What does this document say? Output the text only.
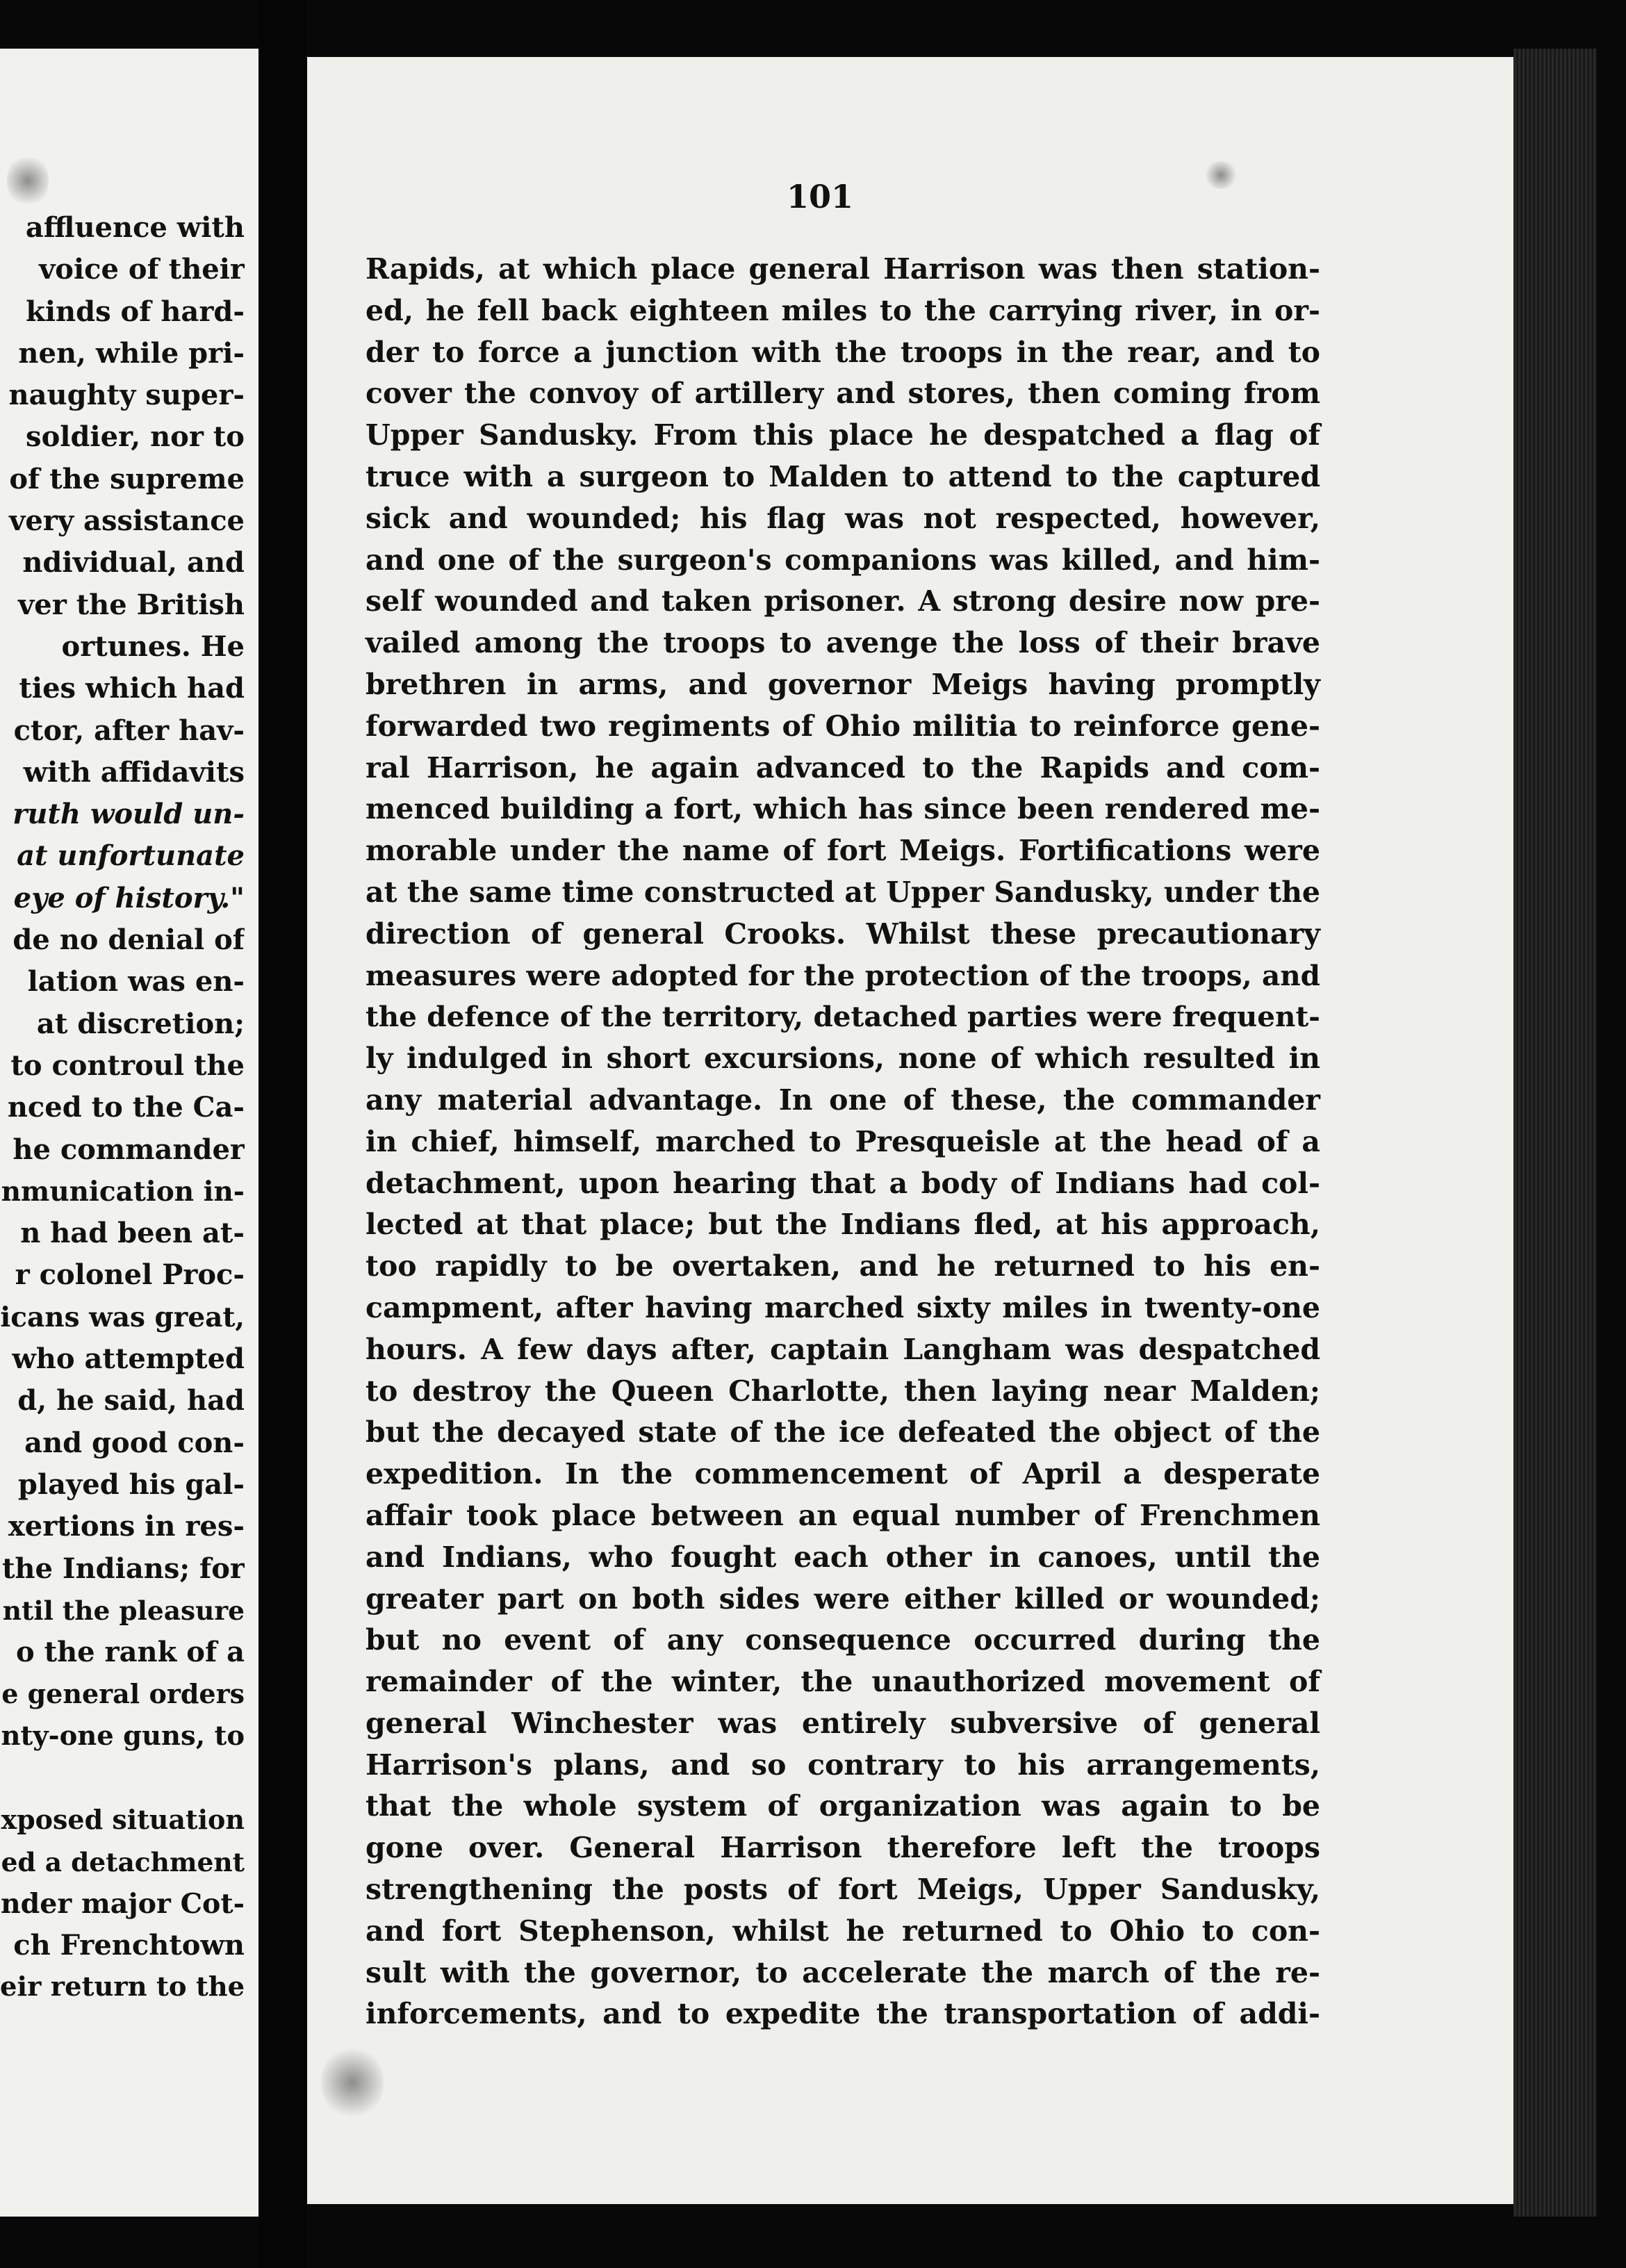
affluence with
voice of their
kinds of hard-
nen, while pri-
naughty super-
soldier, nor to
of the supreme
very assistance
ndividual, and
ver the British
ortunes. He
ties which had
ctor, after hav-
with affidavits
ruth would un-
at unfortunate
eye of history."
de no denial of
lation was en-
at discretion;
to controul the
nced to the Ca-
he commander
nmunication in-
n had been at-
r colonel Proc-
icans was great,
who attempted
d, he said, had
and good con-
played his gal-
xertions in res-
the Indians; for
ntil the pleasure
o the rank of a
e general orders
nty-one guns, to
xposed situation
ed a detachment
nder major Cot-
ch Frenchtown
eir return to the
101
Rapids, at which place general Harrison was then station-
ed, he fell back eighteen miles to the carrying river, in or-
der to force a junction with the troops in the rear, and to
cover the convoy of artillery and stores, then coming from
Upper Sandusky. From this place he despatched a flag of
truce with a surgeon to Malden to attend to the captured
sick and wounded; his flag was not respected, however,
and one of the surgeon's companions was killed, and him-
self wounded and taken prisoner. A strong desire now pre-
vailed among the troops to avenge the loss of their brave
brethren in arms, and governor Meigs having promptly
forwarded two regiments of Ohio militia to reinforce gene-
ral Harrison, he again advanced to the Rapids and com-
menced building a fort, which has since been rendered me-
morable under the name of fort Meigs. Fortifications were
at the same time constructed at Upper Sandusky, under the
direction of general Crooks. Whilst these precautionary
measures were adopted for the protection of the troops, and
the defence of the territory, detached parties were frequent-
ly indulged in short excursions, none of which resulted in
any material advantage. In one of these, the commander
in chief, himself, marched to Presqueisle at the head of a
detachment, upon hearing that a body of Indians had col-
lected at that place; but the Indians fled, at his approach,
too rapidly to be overtaken, and he returned to his en-
campment, after having marched sixty miles in twenty-one
hours. A few days after, captain Langham was despatched
to destroy the Queen Charlotte, then laying near Malden;
but the decayed state of the ice defeated the object of the
expedition. In the commencement of April a desperate
affair took place between an equal number of Frenchmen
and Indians, who fought each other in canoes, until the
greater part on both sides were either killed or wounded;
but no event of any consequence occurred during the
remainder of the winter, the unauthorized movement of
general Winchester was entirely subversive of general
Harrison's plans, and so contrary to his arrangements,
that the whole system of organization was again to be
gone over. General Harrison therefore left the troops
strengthening the posts of fort Meigs, Upper Sandusky,
and fort Stephenson, whilst he returned to Ohio to con-
sult with the governor, to accelerate the march of the re-
inforcements, and to expedite the transportation of addi-
